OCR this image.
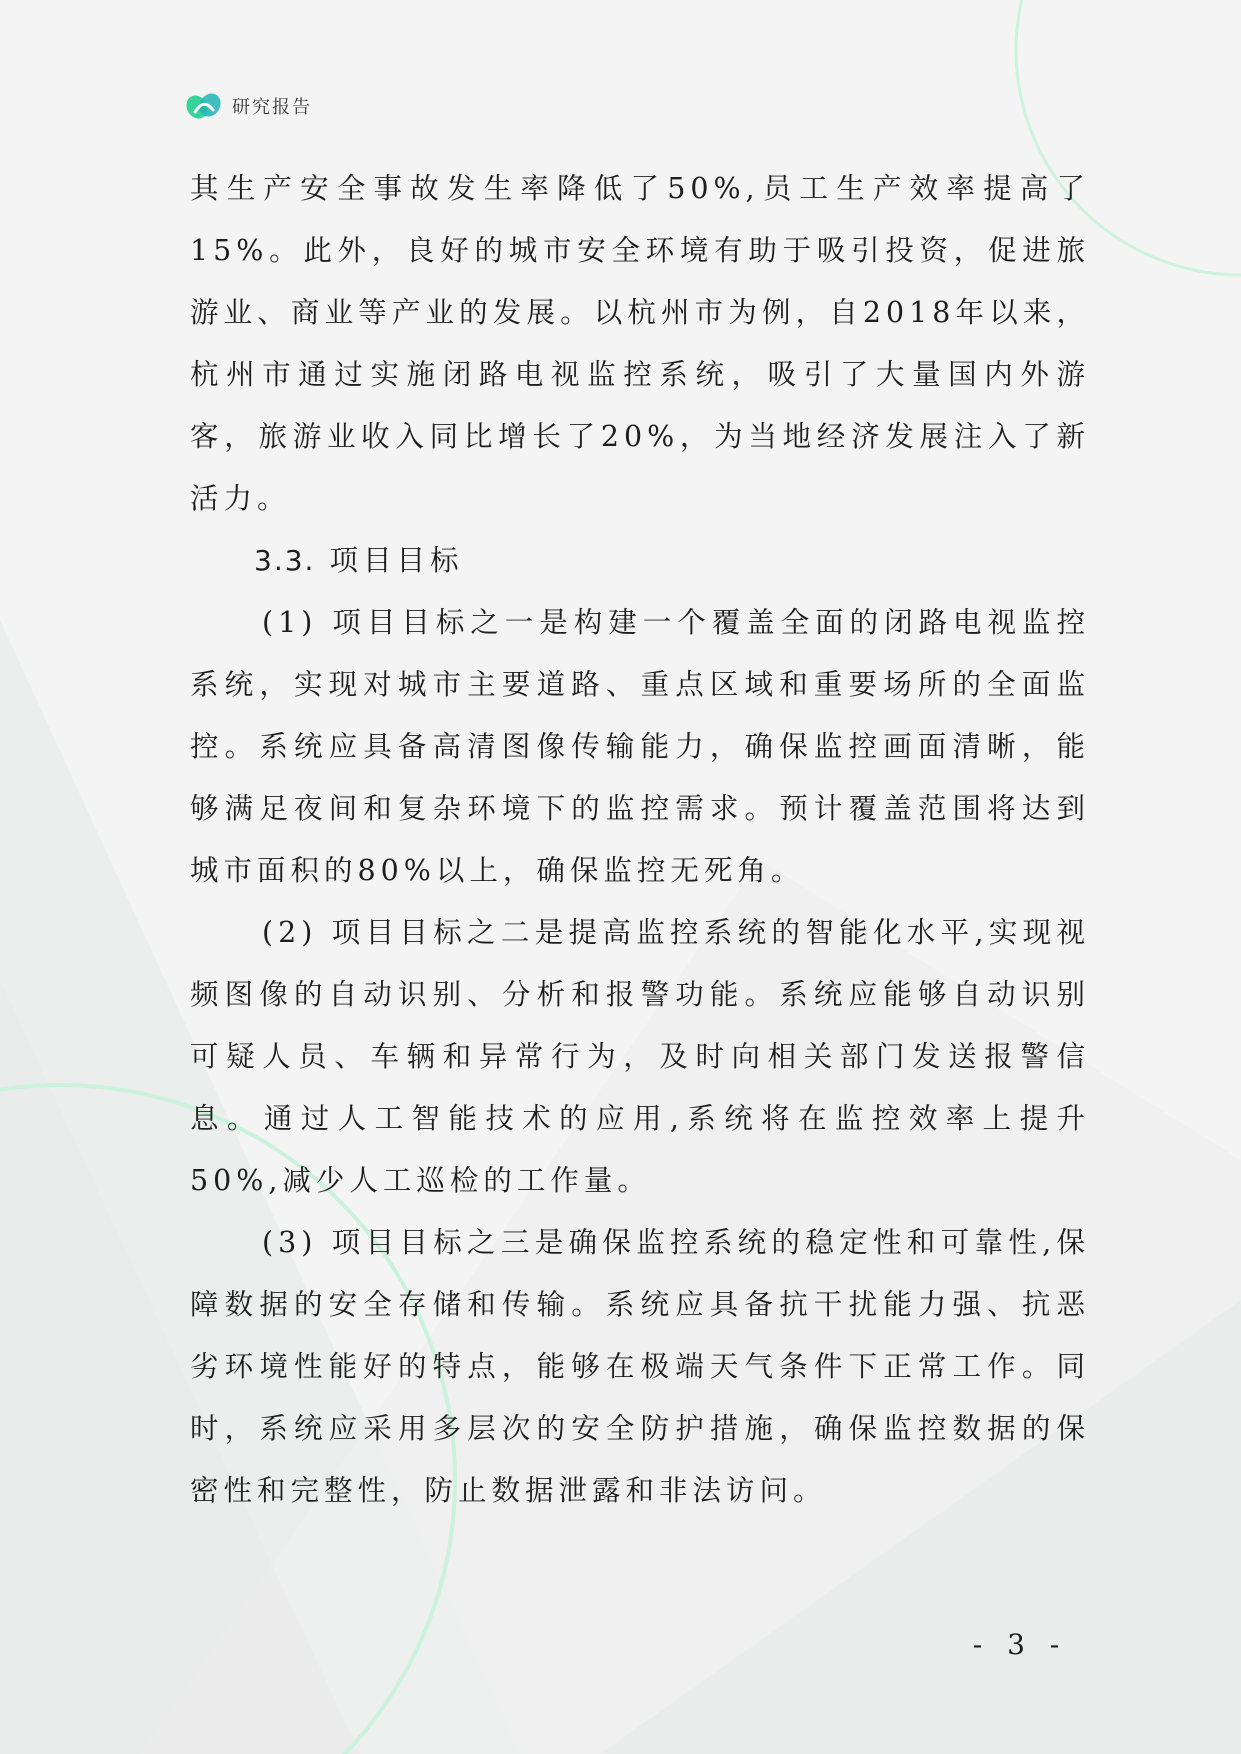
研究报告

其生产安全事故发生率降低了50%,员工生产效率提高了15%。此外，良好的城市安全环境有助于吸引投资，促进旅游业、商业等产业的发展。以杭州市为例，自2018年以来，杭州市通过实施闭路电视监控系统，吸引了大量国内外游客，旅游业收入同比增长了20%，为当地经济发展注入了新活力。

3.3. 项目目标

(1) 项目目标之一是构建一个覆盖全面的闭路电视监控系统，实现对城市主要道路、重点区域和重要场所的全面监控。系统应具备高清图像传输能力，确保监控画面清晰，能够满足夜间和复杂环境下的监控需求。预计覆盖范围将达到城市面积的80%以上，确保监控无死角。

(2) 项目目标之二是提高监控系统的智能化水平,实现视频图像的自动识别、分析和报警功能。系统应能够自动识别可疑人员、车辆和异常行为，及时向相关部门发送报警信息。通过人工智能技术的应用,系统将在监控效率上提升50%,减少人工巡检的工作量。

(3) 项目目标之三是确保监控系统的稳定性和可靠性,保障数据的安全存储和传输。系统应具备抗干扰能力强、抗恶劣环境性能好的特点，能够在极端天气条件下正常工作。同时，系统应采用多层次的安全防护措施，确保监控数据的保密性和完整性，防止数据泄露和非法访问。

- 3 -
